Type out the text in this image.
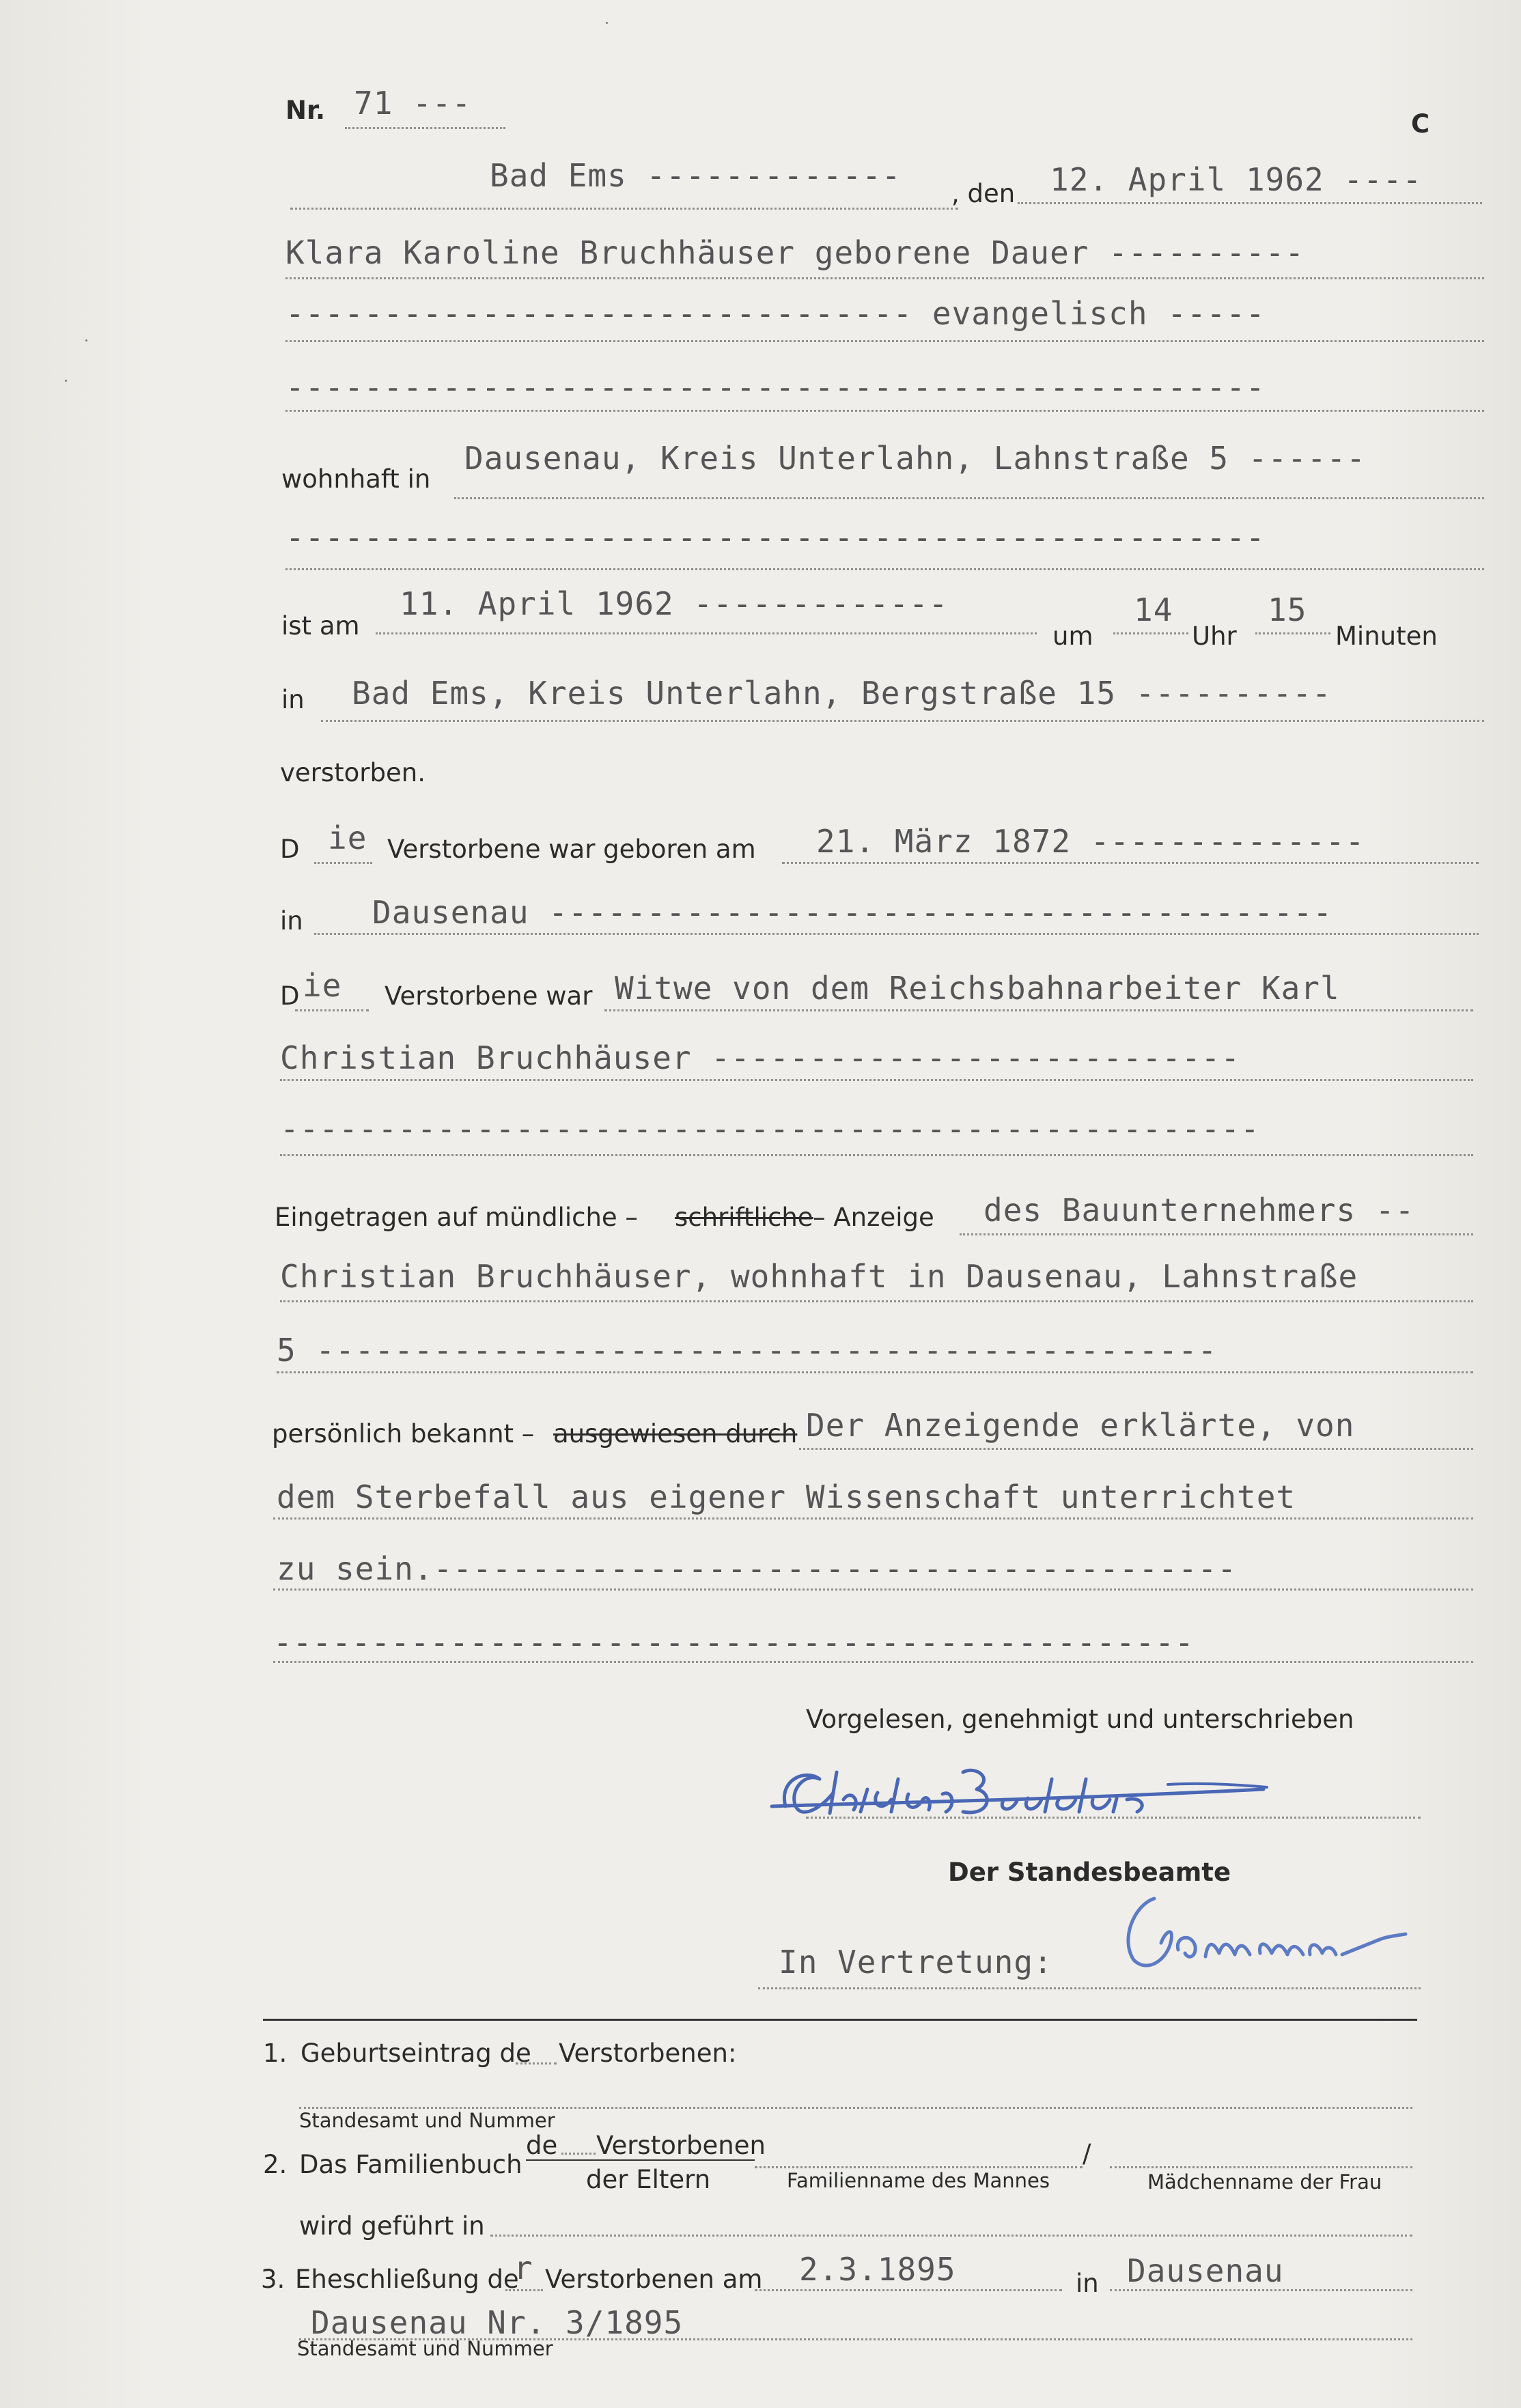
Nr. 71 ---
C
Bad Ems ------------- , den 12. April 1962 ----
Klara Karoline Bruchhäuser geborene Dauer ----------
-------------------------------- evangelisch -----
--------------------------------------------------
wohnhaft in
Dausenau, Kreis Unterlahn, Lahnstraße 5 ------
--------------------------------------------------
ist am
11. April 1962 -------------
um
14
Uhr
15
Minuten
in Bad Ems, Kreis Unterlahn, Bergstraße 15 ----------
verstorben.
D ie Verstorbene war geboren am 21. März 1872 --------------
in Dausenau ----------------------------------------
D ie Verstorbene war Witwe von dem Reichsbahnarbeiter Karl
Christian Bruchhäuser ---------------------------
--------------------------------------------------
Eingetragen auf mündliche – schriftliche – Anzeige des Bauunternehmers --
Christian Bruchhäuser, wohnhaft in Dausenau, Lahnstraße
5 ----------------------------------------------
persönlich bekannt – ausgewiesen durch Der Anzeigende erklärte, von
dem Sterbefall aus eigener Wissenschaft unterrichtet
zu sein.-----------------------------------------
-----------------------------------------------
Vorgelesen, genehmigt und unterschrieben
Der Standesbeamte
In Vertretung:
1. Geburtseintrag de Verstorbenen:
Standesamt und Nummer
2. Das Familienbuch
de Verstorbenen
der Eltern	Familienname des Mannes
/
Mädchenname der Frau
wird geführt in
3. Eheschließung de
r Verstorbenen am 2.3.1895	in Dausenau
Dausenau Nr. 3/1895
Standesamt und Nummer
